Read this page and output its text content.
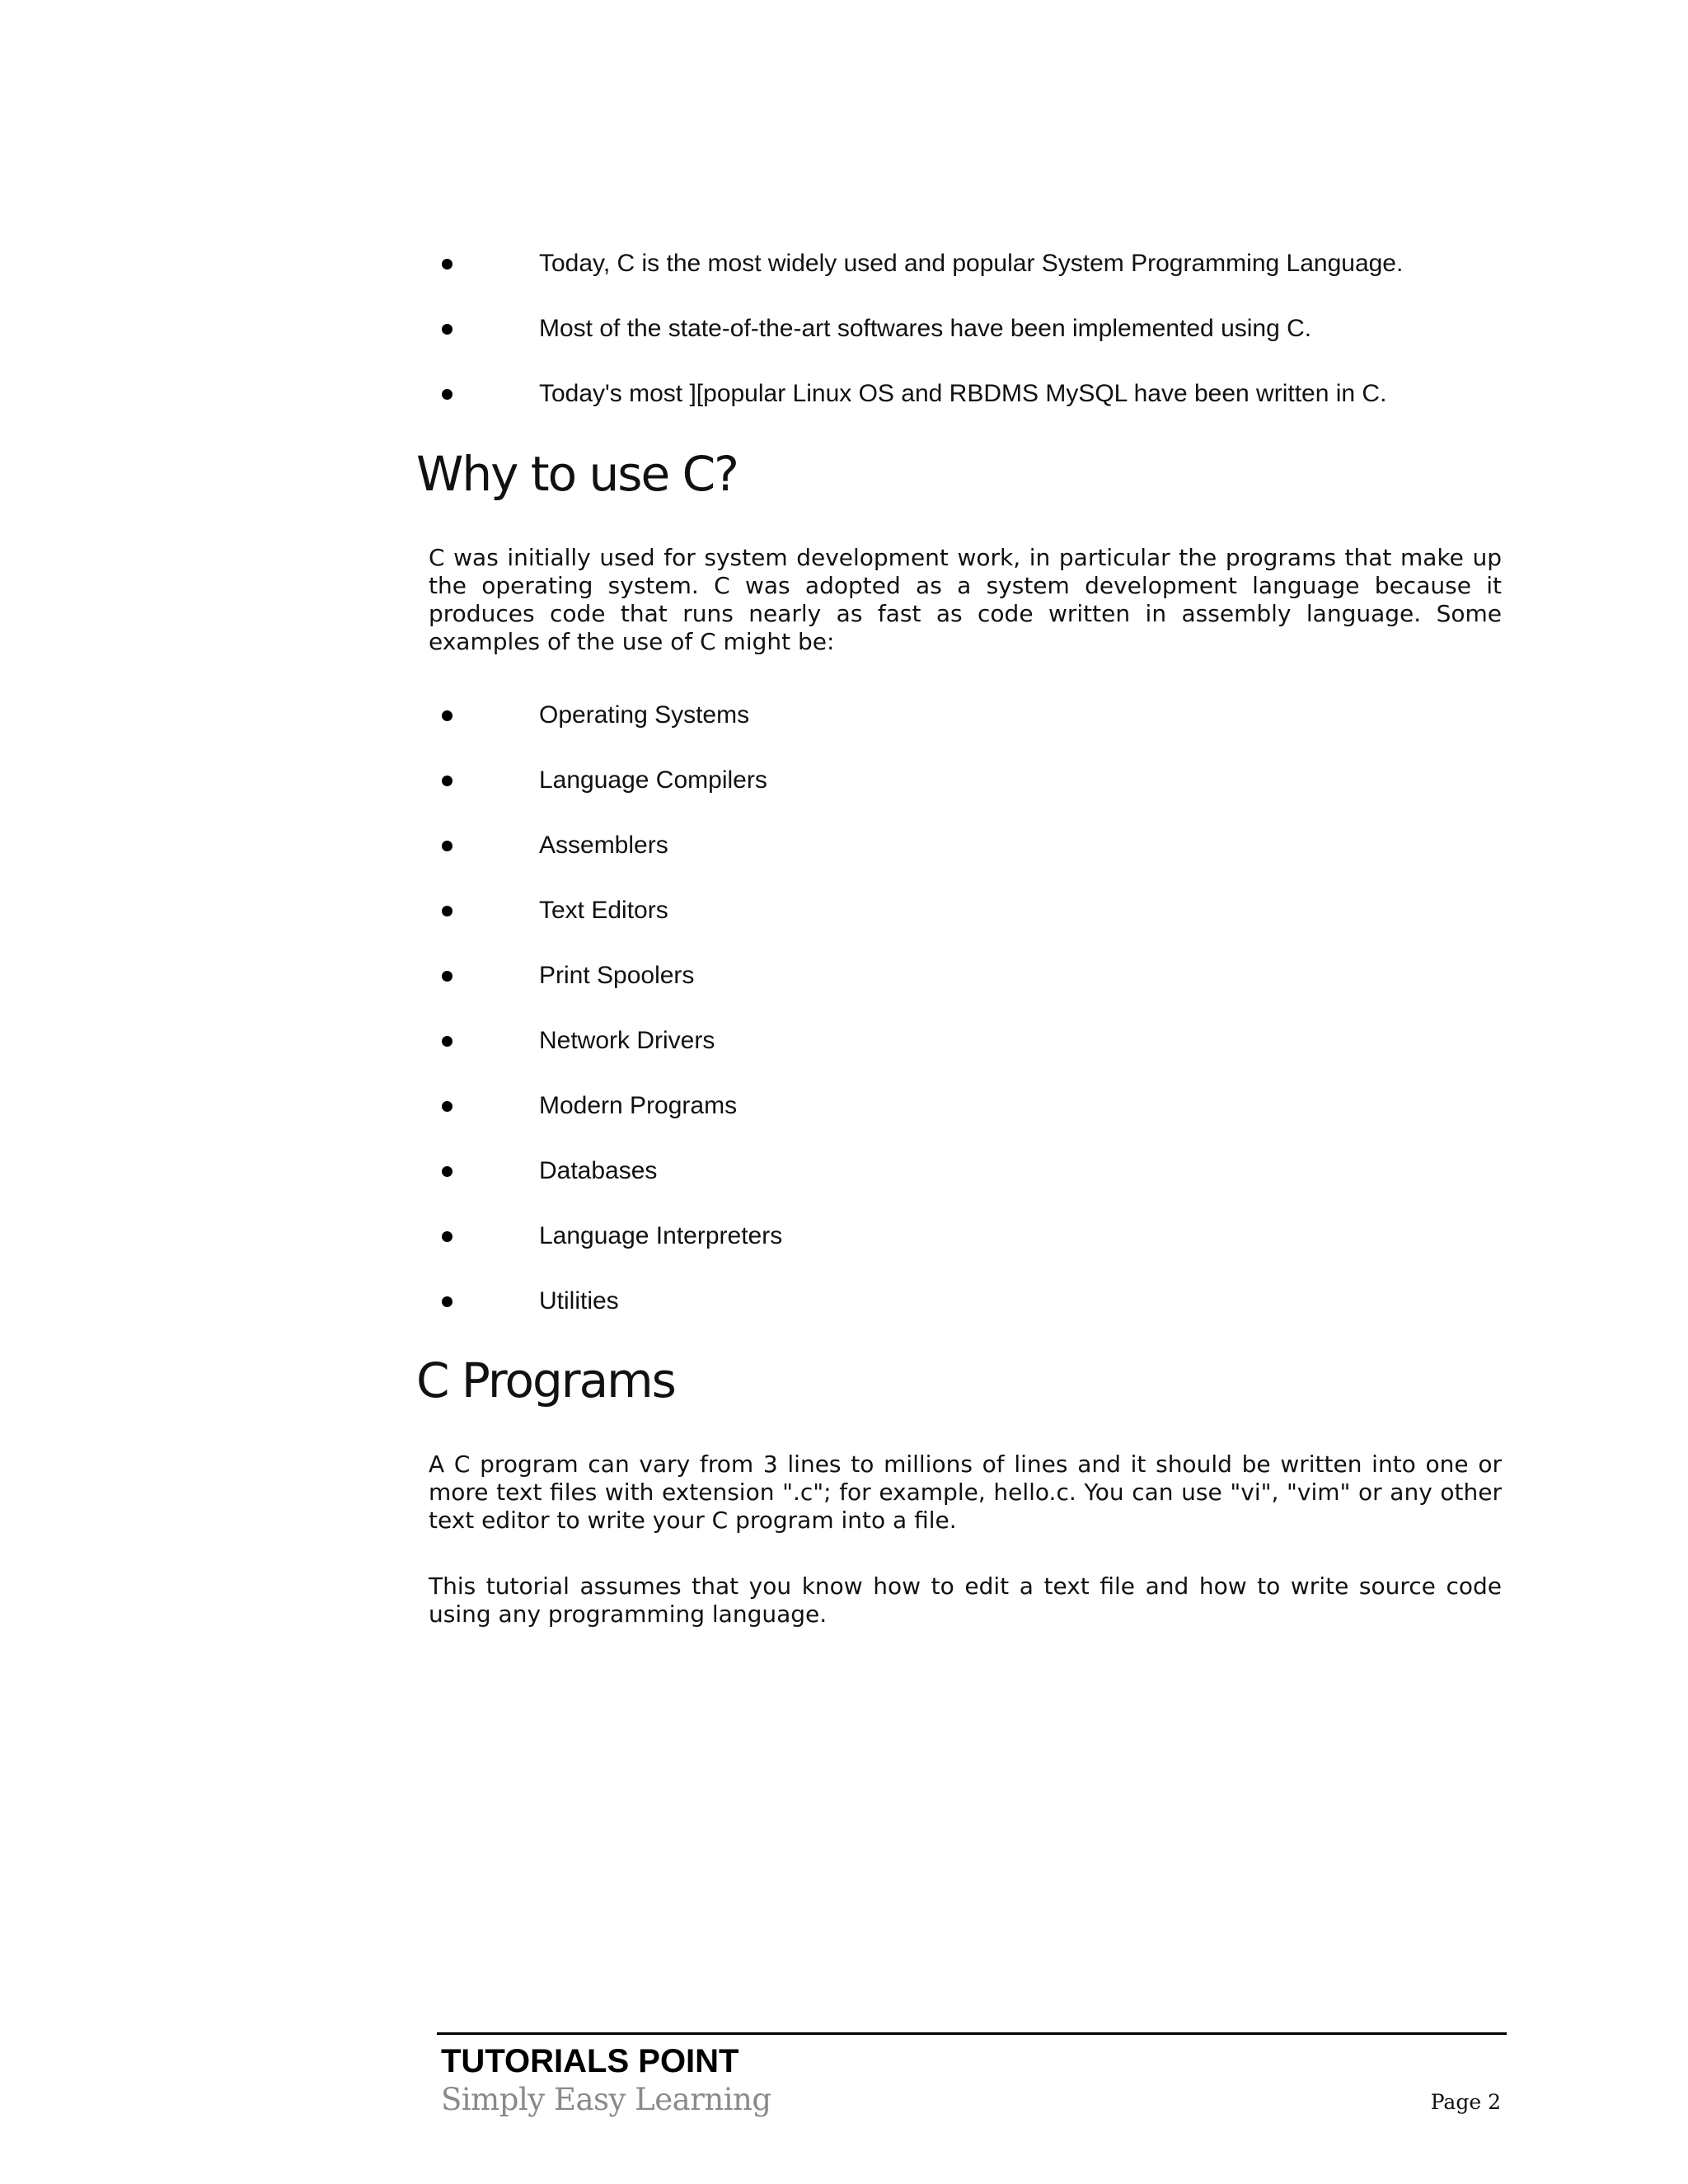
Today, C is the most widely used and popular System Programming Language.
Most of the state-of-the-art softwares have been implemented using C.
Today's most ][popular Linux OS and RBDMS MySQL have been written in C.
Why to use C?

C was initially used for system development work, in particular the programs that make up the operating system. C was adopted as a system development language because it produces code that runs nearly as fast as code written in assembly language. Some examples of the use of C might be:

Operating Systems
Language Compilers
Assemblers
Text Editors
Print Spoolers
Network Drivers
Modern Programs
Databases
Language Interpreters
Utilities
C Programs

A C program can vary from 3 lines to millions of lines and it should be written into one or more text files with extension ".c"; for example, hello.c. You can use "vi", "vim" or any other text editor to write your C program into a file.

This tutorial assumes that you know how to edit a text file and how to write source code using any programming language.

TUTORIALS POINT
Simply Easy Learning	Page 2
